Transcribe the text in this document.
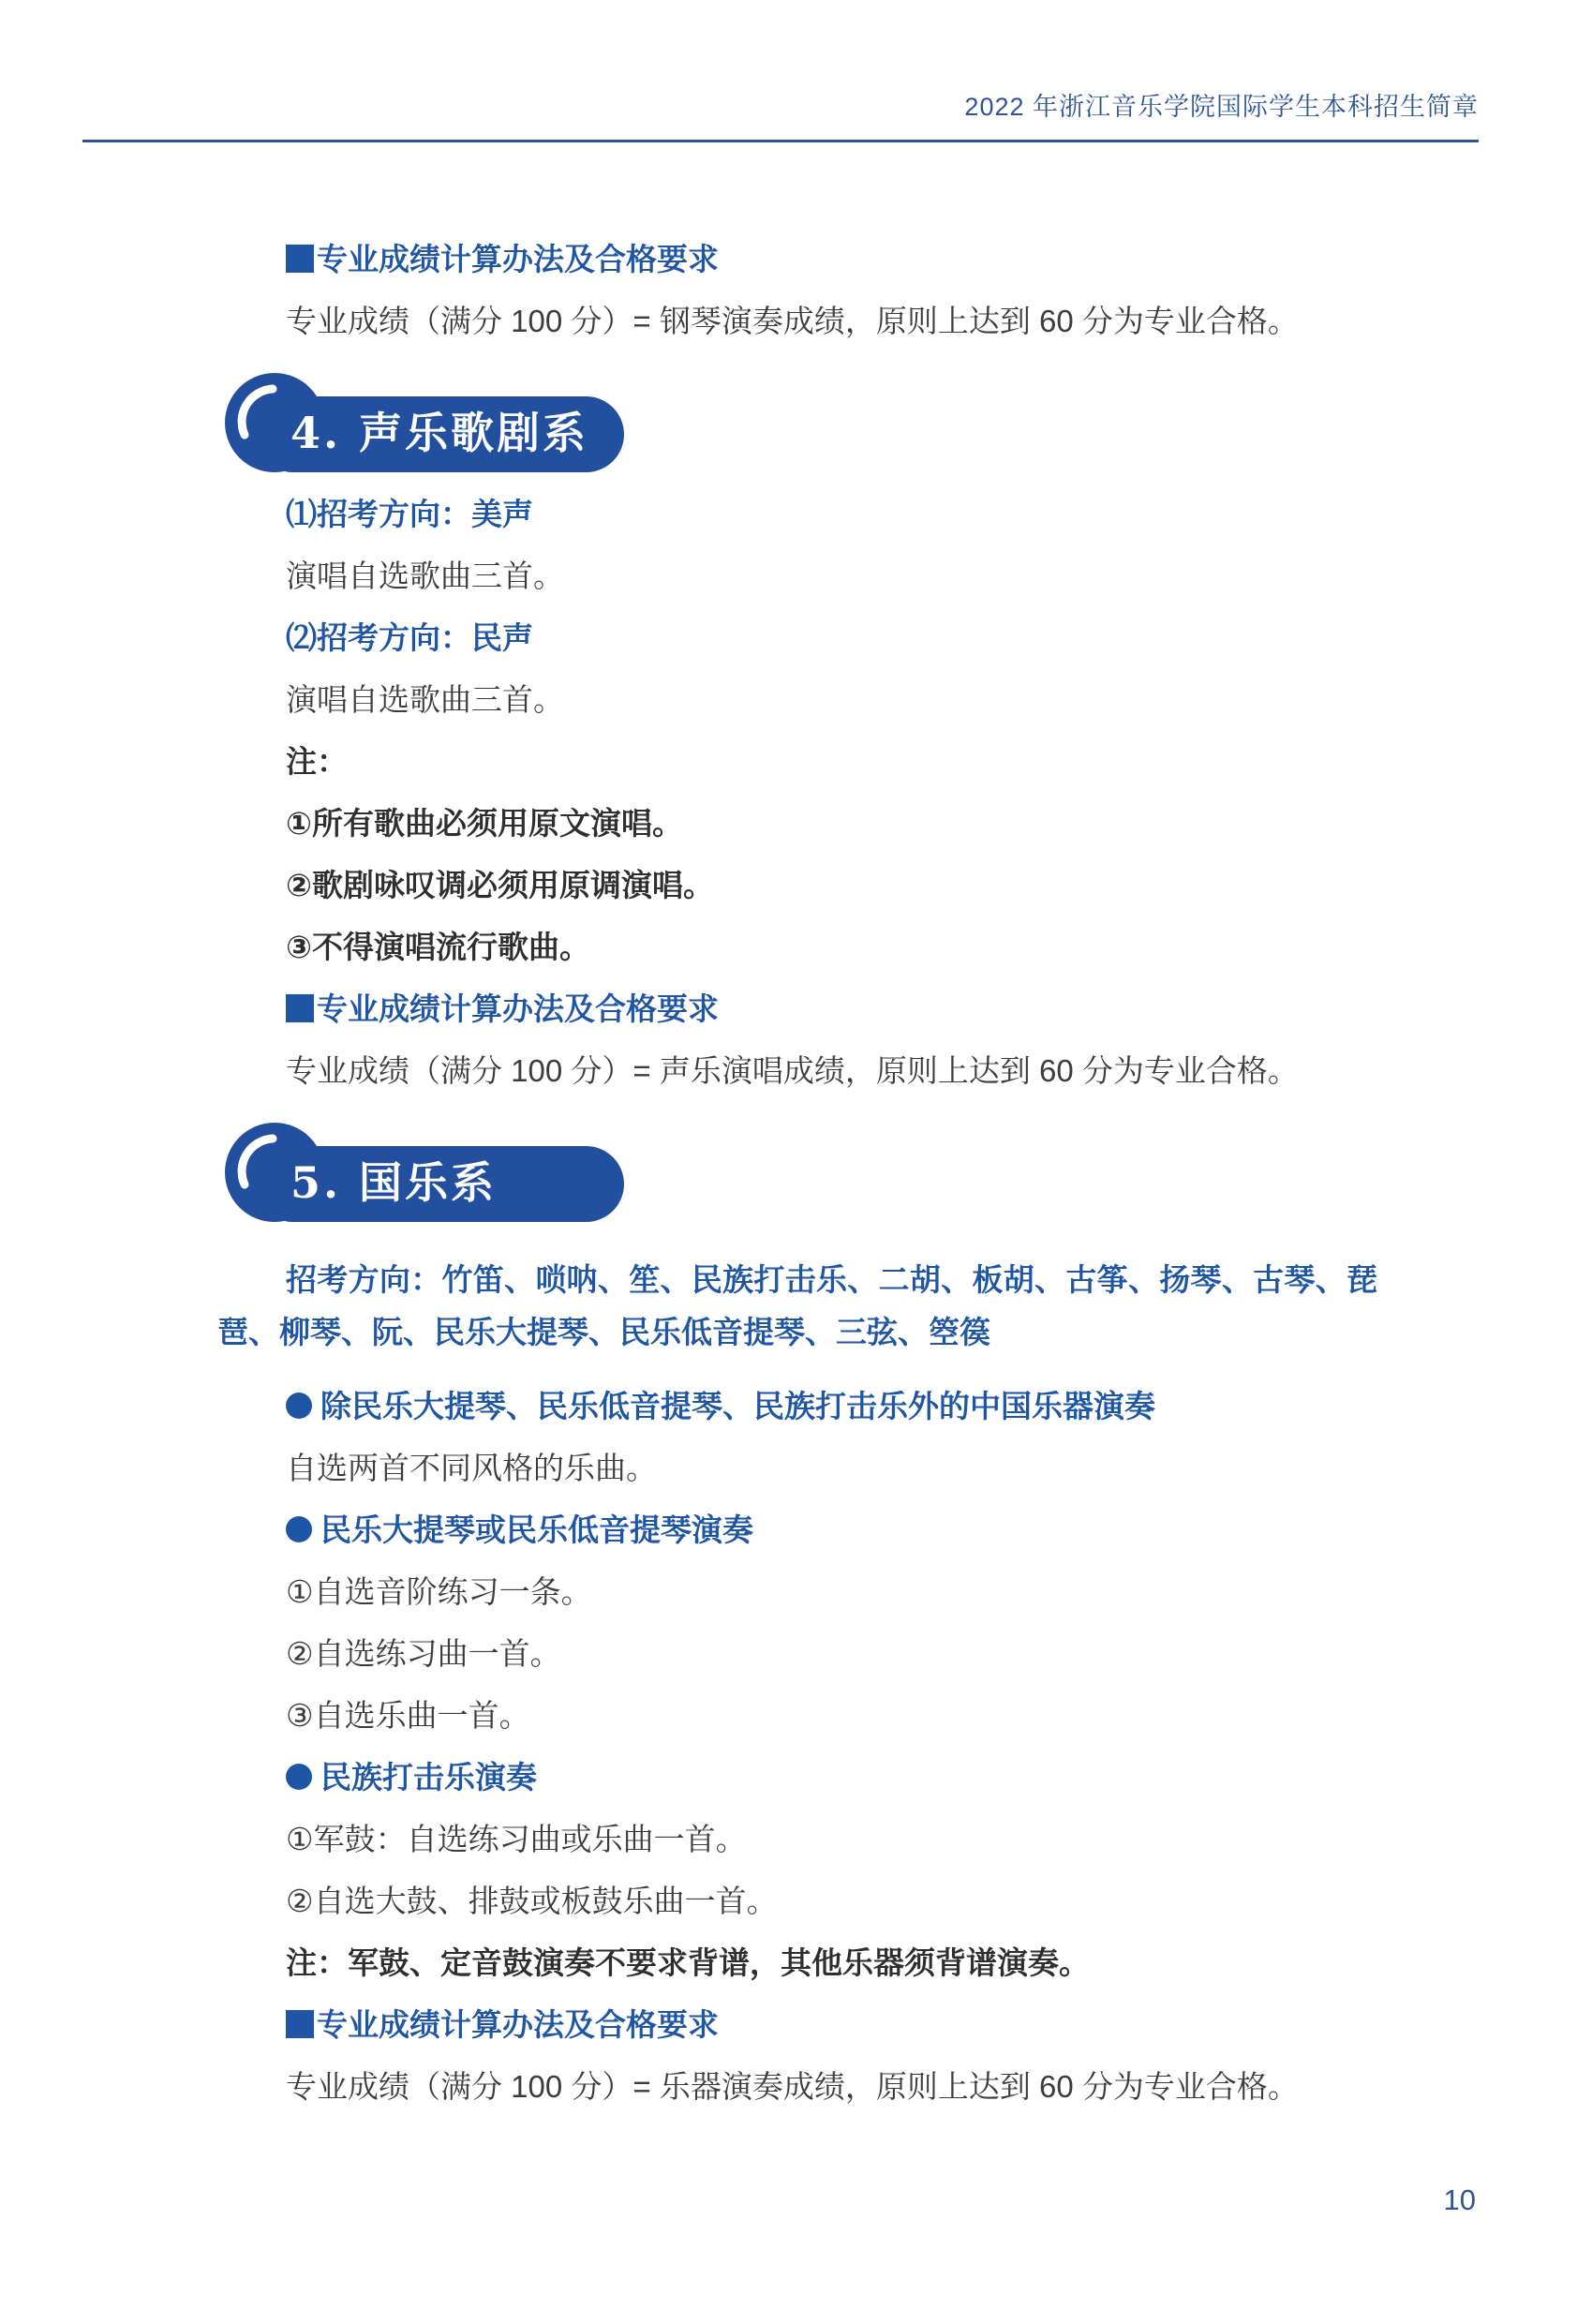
2022 年浙江音乐学院国际学生本科招生简章
专业成绩计算办法及合格要求
专业成绩（满分 100 分）= 钢琴演奏成绩，原则上达到 60 分为专业合格。
4. 声乐歌剧系
⑴招考方向：美声
演唱自选歌曲三首。
⑵招考方向：民声
演唱自选歌曲三首。
注：
①所有歌曲必须用原文演唱。
②歌剧咏叹调必须用原调演唱。
③不得演唱流行歌曲。
专业成绩计算办法及合格要求
专业成绩（满分 100 分）= 声乐演唱成绩，原则上达到 60 分为专业合格。
5. 国乐系
招考方向：竹笛、唢呐、笙、民族打击乐、二胡、板胡、古筝、扬琴、古琴、琵琶、柳琴、阮、民乐大提琴、民乐低音提琴、三弦、箜篌
除民乐大提琴、民乐低音提琴、民族打击乐外的中国乐器演奏
自选两首不同风格的乐曲。
民乐大提琴或民乐低音提琴演奏
①自选音阶练习一条。
②自选练习曲一首。
③自选乐曲一首。
民族打击乐演奏
①军鼓：自选练习曲或乐曲一首。
②自选大鼓、排鼓或板鼓乐曲一首。
注：军鼓、定音鼓演奏不要求背谱，其他乐器须背谱演奏。
专业成绩计算办法及合格要求
专业成绩（满分 100 分）= 乐器演奏成绩，原则上达到 60 分为专业合格。
10
